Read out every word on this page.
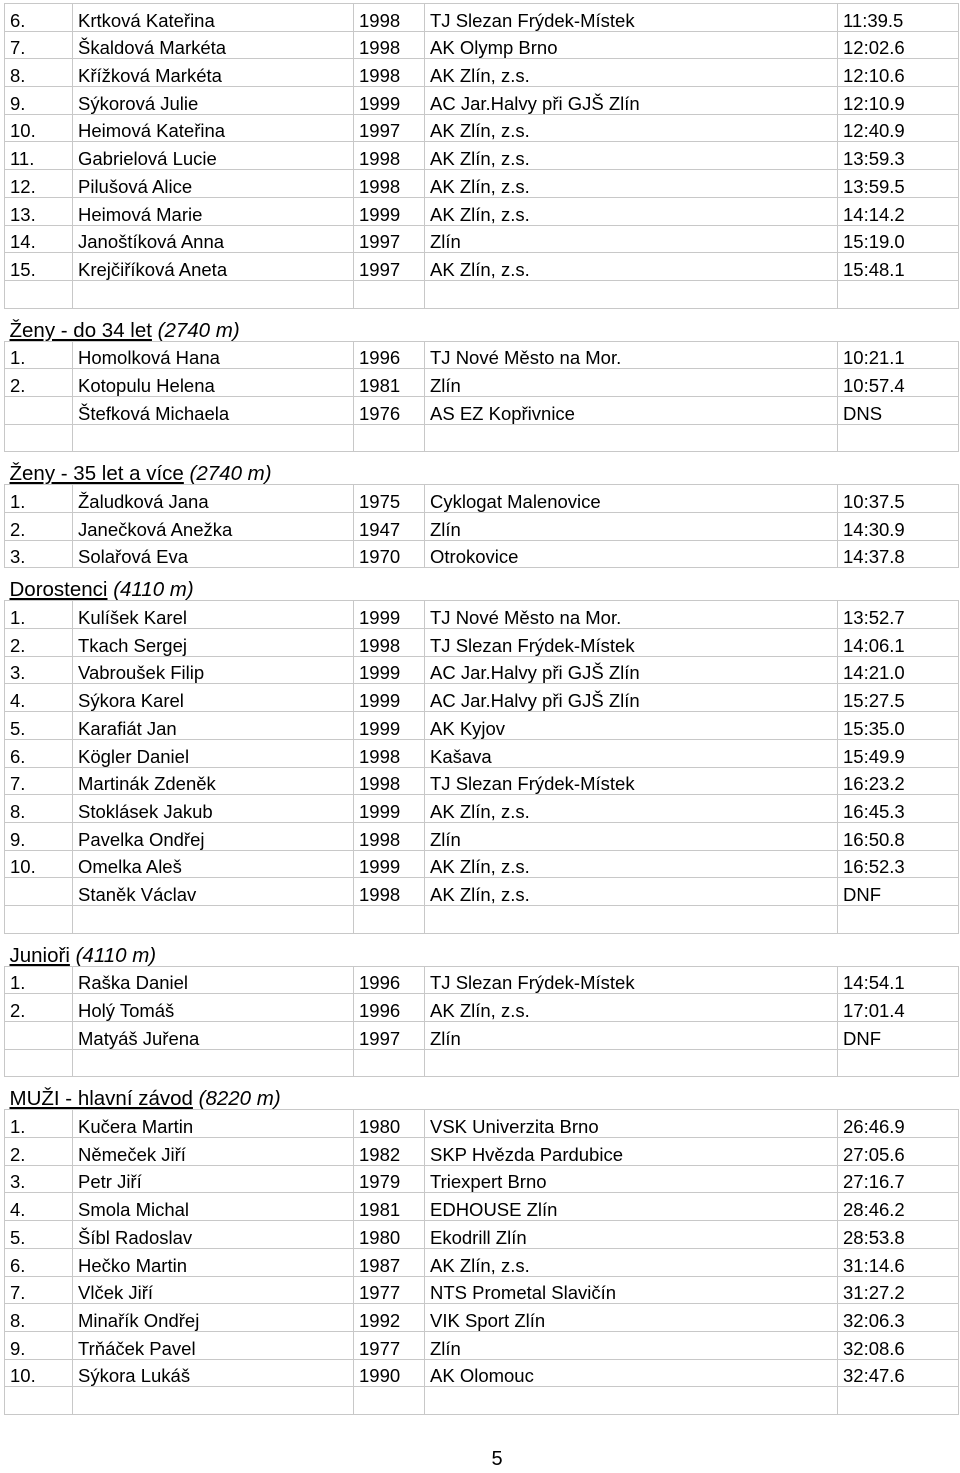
6.	Krtková Kateřina	1998	TJ Slezan Frýdek-Místek	11:39.5
7.	Škaldová Markéta	1998	AK Olymp Brno	12:02.6
8.	Křížková Markéta	1998	AK Zlín, z.s.	12:10.6
9.	Sýkorová Julie	1999	AC Jar.Halvy při GJŠ Zlín	12:10.9
10.	Heimová Kateřina	1997	AK Zlín, z.s.	12:40.9
11.	Gabrielová Lucie	1998	AK Zlín, z.s.	13:59.3
12.	Pilušová Alice	1998	AK Zlín, z.s.	13:59.5
13.	Heimová Marie	1999	AK Zlín, z.s.	14:14.2
14.	Janoštíková Anna	1997	Zlín	15:19.0
15.	Krejčiříková Aneta	1997	AK Zlín, z.s.	15:48.1

Ženy - do 34 let (2740 m)				
1.	Homolková Hana	1996	TJ Nové Město na Mor.	10:21.1
2.	Kotopulu Helena	1981	Zlín	10:57.4
	Štefková Michaela	1976	AS EZ Kopřivnice	DNS

Ženy - 35 let a více (2740 m)				
1.	Žaludková Jana	1975	Cyklogat Malenovice	10:37.5
2.	Janečková Anežka	1947	Zlín	14:30.9
3.	Solařová Eva	1970	Otrokovice	14:37.8
Dorostenci (4110 m)				
1.	Kulíšek Karel	1999	TJ Nové Město na Mor.	13:52.7
2.	Tkach Sergej	1998	TJ Slezan Frýdek-Místek	14:06.1
3.	Vabroušek Filip	1999	AC Jar.Halvy při GJŠ Zlín	14:21.0
4.	Sýkora Karel	1999	AC Jar.Halvy při GJŠ Zlín	15:27.5
5.	Karafiát Jan	1999	AK Kyjov	15:35.0
6.	Kögler Daniel	1998	Kašava	15:49.9
7.	Martinák Zdeněk	1998	TJ Slezan Frýdek-Místek	16:23.2
8.	Stoklásek Jakub	1999	AK Zlín, z.s.	16:45.3
9.	Pavelka Ondřej	1998	Zlín	16:50.8
10.	Omelka Aleš	1999	AK Zlín, z.s.	16:52.3
	Staněk Václav	1998	AK Zlín, z.s.	DNF

Junioři (4110 m)				
1.	Raška Daniel	1996	TJ Slezan Frýdek-Místek	14:54.1
2.	Holý Tomáš	1996	AK Zlín, z.s.	17:01.4
	Matyáš Juřena	1997	Zlín	DNF

MUŽI - hlavní závod (8220 m)				
1.	Kučera Martin	1980	VSK Univerzita Brno	26:46.9
2.	Němeček Jiří	1982	SKP Hvězda Pardubice	27:05.6
3.	Petr Jiří	1979	Triexpert Brno	27:16.7
4.	Smola Michal	1981	EDHOUSE Zlín	28:46.2
5.	Šíbl Radoslav	1980	Ekodrill Zlín	28:53.8
6.	Hečko Martin	1987	AK Zlín, z.s.	31:14.6
7.	Vlček Jiří	1977	NTS Prometal Slavičín	31:27.2
8.	Minařík Ondřej	1992	VIK Sport Zlín	32:06.3
9.	Trňáček Pavel	1977	Zlín	32:08.6
10.	Sýkora Lukáš	1990	AK Olomouc	32:47.6

5
